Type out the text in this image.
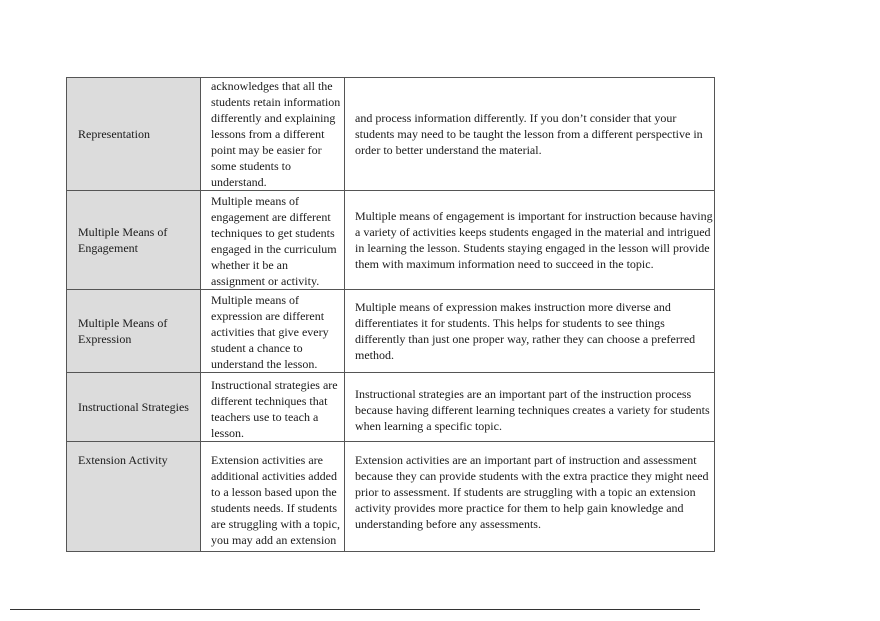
Representation	acknowledges that all the students retain information differently and explaining lessons from a different point may be easier for some students to understand.	and process information differently. If you don’t consider that your students may need to be taught the lesson from a different perspective in order to better understand the material.

Multiple Means of Engagement	Multiple means of engagement are different techniques to get students engaged in the curriculum whether it be an assignment or activity.	Multiple means of engagement is important for instruction because having a variety of activities keeps students engaged in the material and intrigued in learning the lesson. Students staying engaged in the lesson will provide them with maximum information need to succeed in the topic.

Multiple Means of Expression	Multiple means of expression are different activities that give every student a chance to understand the lesson.	Multiple means of expression makes instruction more diverse and differentiates it for students. This helps for students to see things differently than just one proper way, rather they can choose a preferred method.

Instructional Strategies	Instructional strategies are different techniques that teachers use to teach a lesson.	Instructional strategies are an important part of the instruction process because having different learning techniques creates a variety for students when learning a specific topic.

Extension Activity	Extension activities are additional activities added to a lesson based upon the students needs. If students are struggling with a topic, you may add an extension	Extension activities are an important part of instruction and assessment because they can provide students with the extra practice they might need prior to assessment. If students are struggling with a topic an extension activity provides more practice for them to help gain knowledge and understanding before any assessments.
